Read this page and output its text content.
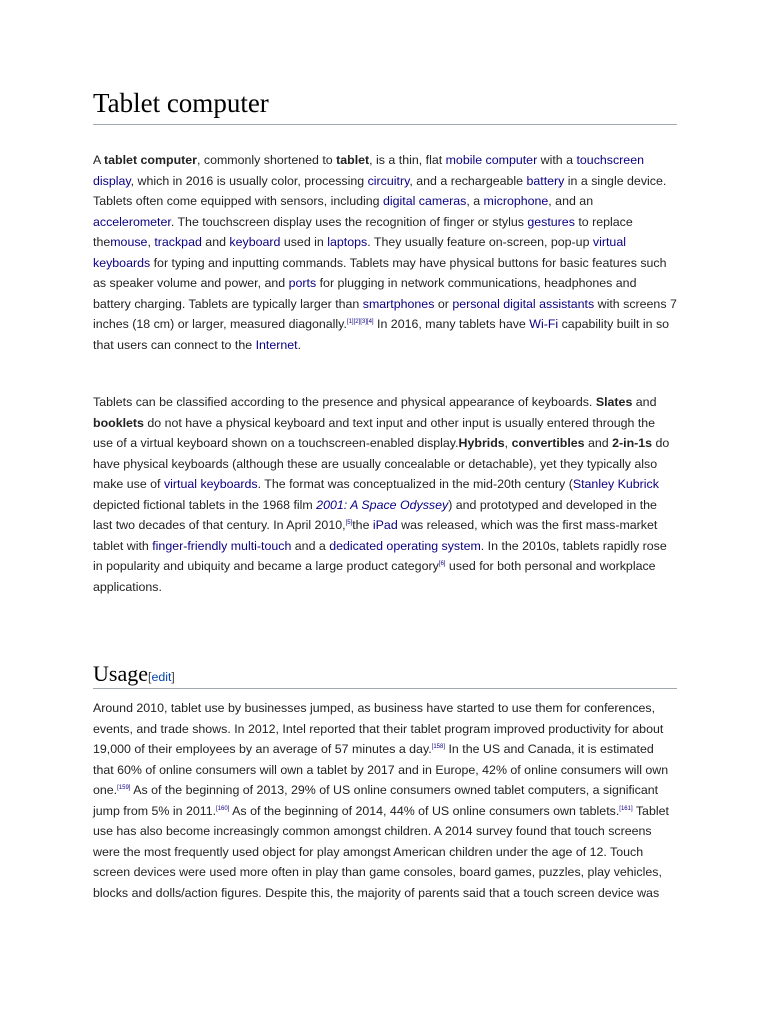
Tablet computer

A tablet computer, commonly shortened to tablet, is a thin, flat mobile computer with a touchscreen display, which in 2016 is usually color, processing circuitry, and a rechargeable battery in a single device. Tablets often come equipped with sensors, including digital cameras, a microphone, and an accelerometer. The touchscreen display uses the recognition of finger or stylus gestures to replace themouse, trackpad and keyboard used in laptops. They usually feature on-screen, pop-up virtual keyboards for typing and inputting commands. Tablets may have physical buttons for basic features such as speaker volume and power, and ports for plugging in network communications, headphones and battery charging. Tablets are typically larger than smartphones or personal digital assistants with screens 7 inches (18 cm) or larger, measured diagonally.[1][2][3][4] In 2016, many tablets have Wi-Fi capability built in so that users can connect to the Internet.

Tablets can be classified according to the presence and physical appearance of keyboards. Slates and booklets do not have a physical keyboard and text input and other input is usually entered through the use of a virtual keyboard shown on a touchscreen-enabled display.Hybrids, convertibles and 2-in-1s do have physical keyboards (although these are usually concealable or detachable), yet they typically also make use of virtual keyboards. The format was conceptualized in the mid-20th century (Stanley Kubrick depicted fictional tablets in the 1968 film 2001: A Space Odyssey) and prototyped and developed in the last two decades of that century. In April 2010,[5]the iPad was released, which was the first mass-market tablet with finger-friendly multi-touch and a dedicated operating system. In the 2010s, tablets rapidly rose in popularity and ubiquity and became a large product category[6] used for both personal and workplace applications.

Usage[edit]

Around 2010, tablet use by businesses jumped, as business have started to use them for conferences, events, and trade shows. In 2012, Intel reported that their tablet program improved productivity for about 19,000 of their employees by an average of 57 minutes a day.[158] In the US and Canada, it is estimated that 60% of online consumers will own a tablet by 2017 and in Europe, 42% of online consumers will own one.[159] As of the beginning of 2013, 29% of US online consumers owned tablet computers, a significant jump from 5% in 2011.[160] As of the beginning of 2014, 44% of US online consumers own tablets.[161] Tablet use has also become increasingly common amongst children. A 2014 survey found that touch screens were the most frequently used object for play amongst American children under the age of 12. Touch screen devices were used more often in play than game consoles, board games, puzzles, play vehicles, blocks and dolls/action figures. Despite this, the majority of parents said that a touch screen device was
